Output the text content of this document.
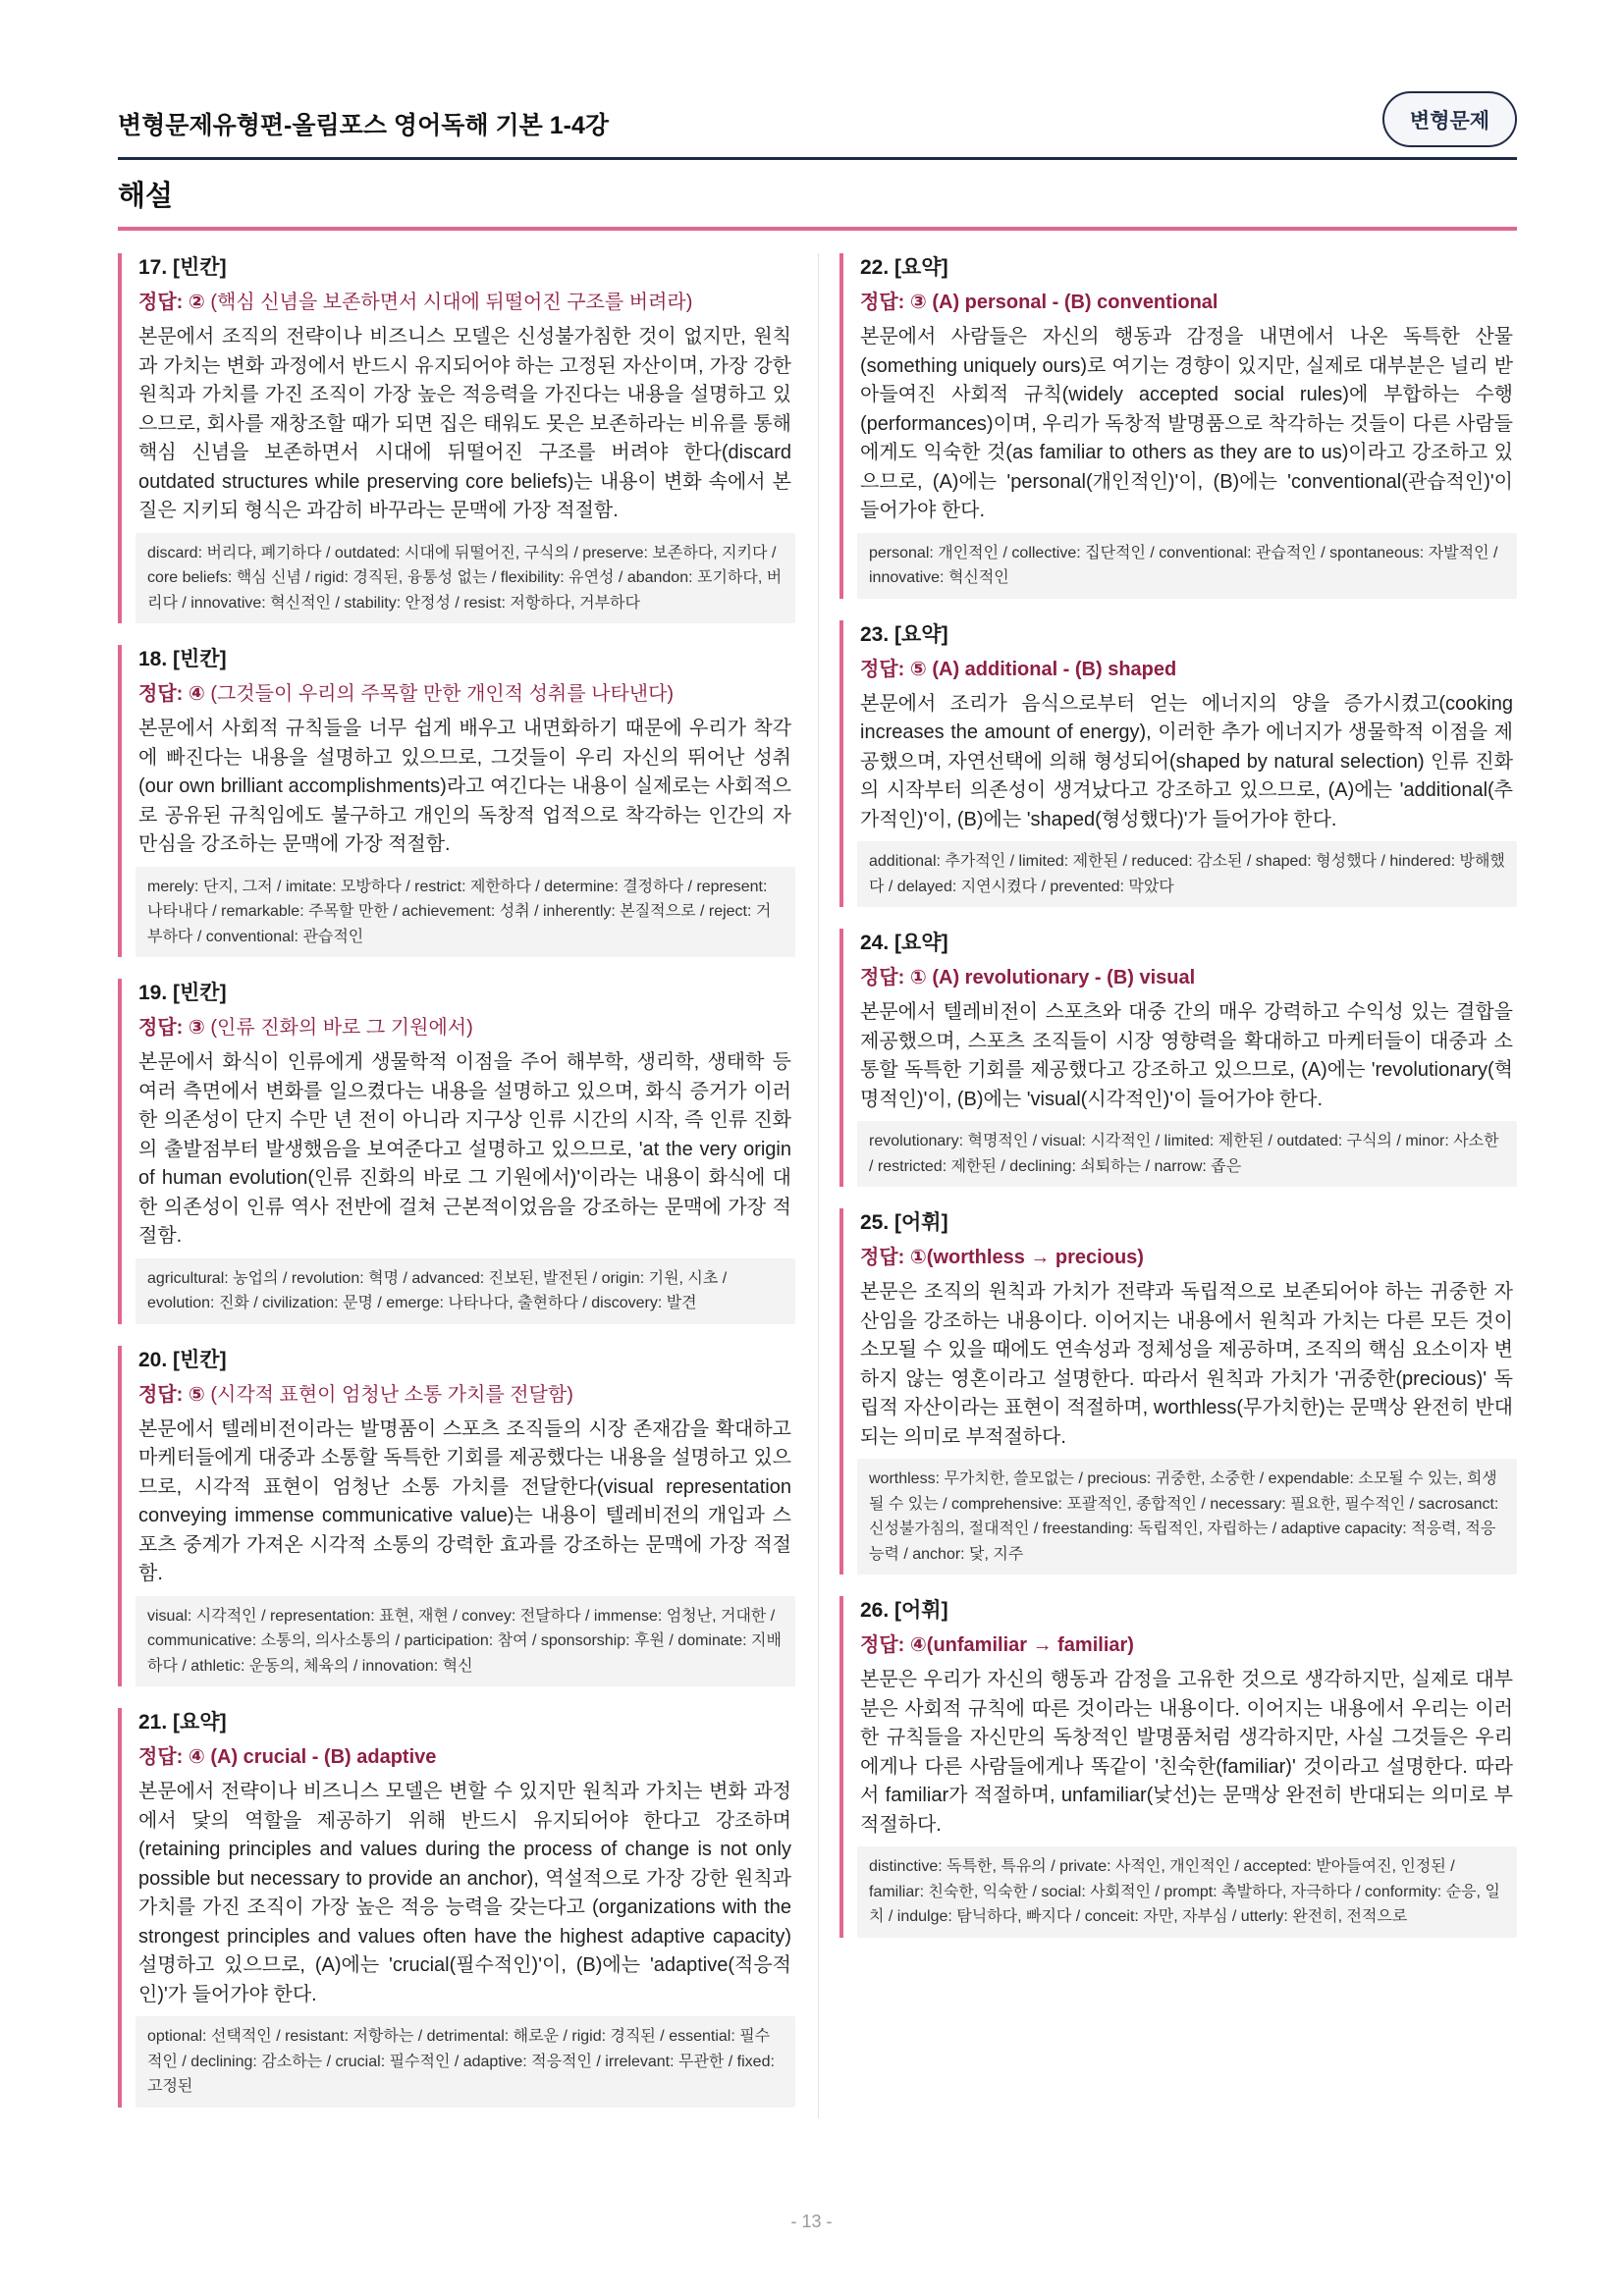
변형문제유형편-올림포스 영어독해 기본 1-4강	변형문제
해설
17. [빈칸]
정답: ② (핵심 신념을 보존하면서 시대에 뒤떨어진 구조를 버려라)

본문에서 조직의 전략이나 비즈니스 모델은 신성불가침한 것이 없지만, 원칙과 가치는 변화 과정에서 반드시 유지되어야 하는 고정된 자산이며, 가장 강한 원칙과 가치를 가진 조직이 가장 높은 적응력을 가진다는 내용을 설명하고 있으므로, 회사를 재창조할 때가 되면 집은 태워도 못은 보존하라는 비유를 통해 핵심 신념을 보존하면서 시대에 뒤떨어진 구조를 버려야 한다(discard outdated structures while preserving core beliefs)는 내용이 변화 속에서 본질은 지키되 형식은 과감히 바꾸라는 문맥에 가장 적절함.

discard: 버리다, 폐기하다 / outdated: 시대에 뒤떨어진, 구식의 / preserve: 보존하다, 지키다 / core beliefs: 핵심 신념 / rigid: 경직된, 융통성 없는 / flexibility: 유연성 / abandon: 포기하다, 버리다 / innovative: 혁신적인 / stability: 안정성 / resist: 저항하다, 거부하다
18. [빈칸]
정답: ④ (그것들이 우리의 주목할 만한 개인적 성취를 나타낸다)

본문에서 사회적 규칙들을 너무 쉽게 배우고 내면화하기 때문에 우리가 착각에 빠진다는 내용을 설명하고 있으므로, 그것들이 우리 자신의 뛰어난 성취(our own brilliant accomplishments)라고 여긴다는 내용이 실제로는 사회적으로 공유된 규칙임에도 불구하고 개인의 독창적 업적으로 착각하는 인간의 자만심을 강조하는 문맥에 가장 적절함.

merely: 단지, 그저 / imitate: 모방하다 / restrict: 제한하다 / determine: 결정하다 / represent: 나타내다 / remarkable: 주목할 만한 / achievement: 성취 / inherently: 본질적으로 / reject: 거부하다 / conventional: 관습적인
19. [빈칸]
정답: ③ (인류 진화의 바로 그 기원에서)

본문에서 화식이 인류에게 생물학적 이점을 주어 해부학, 생리학, 생태학 등 여러 측면에서 변화를 일으켰다는 내용을 설명하고 있으며, 화식 증거가 이러한 의존성이 단지 수만 년 전이 아니라 지구상 인류 시간의 시작, 즉 인류 진화의 출발점부터 발생했음을 보여준다고 설명하고 있으므로, 'at the very origin of human evolution(인류 진화의 바로 그 기원에서)'이라는 내용이 화식에 대한 의존성이 인류 역사 전반에 걸쳐 근본적이었음을 강조하는 문맥에 가장 적절함.

agricultural: 농업의 / revolution: 혁명 / advanced: 진보된, 발전된 / origin: 기원, 시초 / evolution: 진화 / civilization: 문명 / emerge: 나타나다, 출현하다 / discovery: 발견
20. [빈칸]
정답: ⑤ (시각적 표현이 엄청난 소통 가치를 전달함)

본문에서 텔레비전이라는 발명품이 스포츠 조직들의 시장 존재감을 확대하고 마케터들에게 대중과 소통할 독특한 기회를 제공했다는 내용을 설명하고 있으므로, 시각적 표현이 엄청난 소통 가치를 전달한다(visual representation conveying immense communicative value)는 내용이 텔레비전의 개입과 스포츠 중계가 가져온 시각적 소통의 강력한 효과를 강조하는 문맥에 가장 적절함.

visual: 시각적인 / representation: 표현, 재현 / convey: 전달하다 / immense: 엄청난, 거대한 / communicative: 소통의, 의사소통의 / participation: 참여 / sponsorship: 후원 / dominate: 지배하다 / athletic: 운동의, 체육의 / innovation: 혁신
21. [요약]
정답: ④ (A) crucial - (B) adaptive

본문에서 전략이나 비즈니스 모델은 변할 수 있지만 원칙과 가치는 변화 과정에서 닻의 역할을 제공하기 위해 반드시 유지되어야 한다고 강조하며 (retaining principles and values during the process of change is not only possible but necessary to provide an anchor), 역설적으로 가장 강한 원칙과 가치를 가진 조직이 가장 높은 적응 능력을 갖는다고 (organizations with the strongest principles and values often have the highest adaptive capacity) 설명하고 있으므로, (A)에는 'crucial(필수적인)'이, (B)에는 'adaptive(적응적인)'가 들어가야 한다.

optional: 선택적인 / resistant: 저항하는 / detrimental: 해로운 / rigid: 경직된 / essential: 필수적인 / declining: 감소하는 / crucial: 필수적인 / adaptive: 적응적인 / irrelevant: 무관한 / fixed: 고정된
22. [요약]
정답: ③ (A) personal - (B) conventional

본문에서 사람들은 자신의 행동과 감정을 내면에서 나온 독특한 산물(something uniquely ours)로 여기는 경향이 있지만, 실제로 대부분은 널리 받아들여진 사회적 규칙(widely accepted social rules)에 부합하는 수행(performances)이며, 우리가 독창적 발명품으로 착각하는 것들이 다른 사람들에게도 익숙한 것(as familiar to others as they are to us)이라고 강조하고 있으므로, (A)에는 'personal(개인적인)'이, (B)에는 'conventional(관습적인)'이 들어가야 한다.

personal: 개인적인 / collective: 집단적인 / conventional: 관습적인 / spontaneous: 자발적인 / innovative: 혁신적인
23. [요약]
정답: ⑤ (A) additional - (B) shaped

본문에서 조리가 음식으로부터 얻는 에너지의 양을 증가시켰고(cooking increases the amount of energy), 이러한 추가 에너지가 생물학적 이점을 제공했으며, 자연선택에 의해 형성되어(shaped by natural selection) 인류 진화의 시작부터 의존성이 생겨났다고 강조하고 있으므로, (A)에는 'additional(추가적인)'이, (B)에는 'shaped(형성했다)'가 들어가야 한다.

additional: 추가적인 / limited: 제한된 / reduced: 감소된 / shaped: 형성했다 / hindered: 방해했다 / delayed: 지연시켰다 / prevented: 막았다
24. [요약]
정답: ① (A) revolutionary - (B) visual

본문에서 텔레비전이 스포츠와 대중 간의 매우 강력하고 수익성 있는 결합을 제공했으며, 스포츠 조직들이 시장 영향력을 확대하고 마케터들이 대중과 소통할 독특한 기회를 제공했다고 강조하고 있으므로, (A)에는 'revolutionary(혁명적인)'이, (B)에는 'visual(시각적인)'이 들어가야 한다.

revolutionary: 혁명적인 / visual: 시각적인 / limited: 제한된 / outdated: 구식의 / minor: 사소한 / restricted: 제한된 / declining: 쇠퇴하는 / narrow: 좁은
25. [어휘]
정답: ①(worthless → precious)

본문은 조직의 원칙과 가치가 전략과 독립적으로 보존되어야 하는 귀중한 자산임을 강조하는 내용이다. 이어지는 내용에서 원칙과 가치는 다른 모든 것이 소모될 수 있을 때에도 연속성과 정체성을 제공하며, 조직의 핵심 요소이자 변하지 않는 영혼이라고 설명한다. 따라서 원칙과 가치가 '귀중한(precious)' 독립적 자산이라는 표현이 적절하며, worthless(무가치한)는 문맥상 완전히 반대되는 의미로 부적절하다.

worthless: 무가치한, 쓸모없는 / precious: 귀중한, 소중한 / expendable: 소모될 수 있는, 희생될 수 있는 / comprehensive: 포괄적인, 종합적인 / necessary: 필요한, 필수적인 / sacrosanct: 신성불가침의, 절대적인 / freestanding: 독립적인, 자립하는 / adaptive capacity: 적응력, 적응 능력 / anchor: 닻, 지주
26. [어휘]
정답: ④(unfamiliar → familiar)

본문은 우리가 자신의 행동과 감정을 고유한 것으로 생각하지만, 실제로 대부분은 사회적 규칙에 따른 것이라는 내용이다. 이어지는 내용에서 우리는 이러한 규칙들을 자신만의 독창적인 발명품처럼 생각하지만, 사실 그것들은 우리에게나 다른 사람들에게나 똑같이 '친숙한(familiar)' 것이라고 설명한다. 따라서 familiar가 적절하며, unfamiliar(낯선)는 문맥상 완전히 반대되는 의미로 부적절하다.

distinctive: 독특한, 특유의 / private: 사적인, 개인적인 / accepted: 받아들여진, 인정된 / familiar: 친숙한, 익숙한 / social: 사회적인 / prompt: 촉발하다, 자극하다 / conformity: 순응, 일치 / indulge: 탐닉하다, 빠지다 / conceit: 자만, 자부심 / utterly: 완전히, 전적으로
- 13 -
